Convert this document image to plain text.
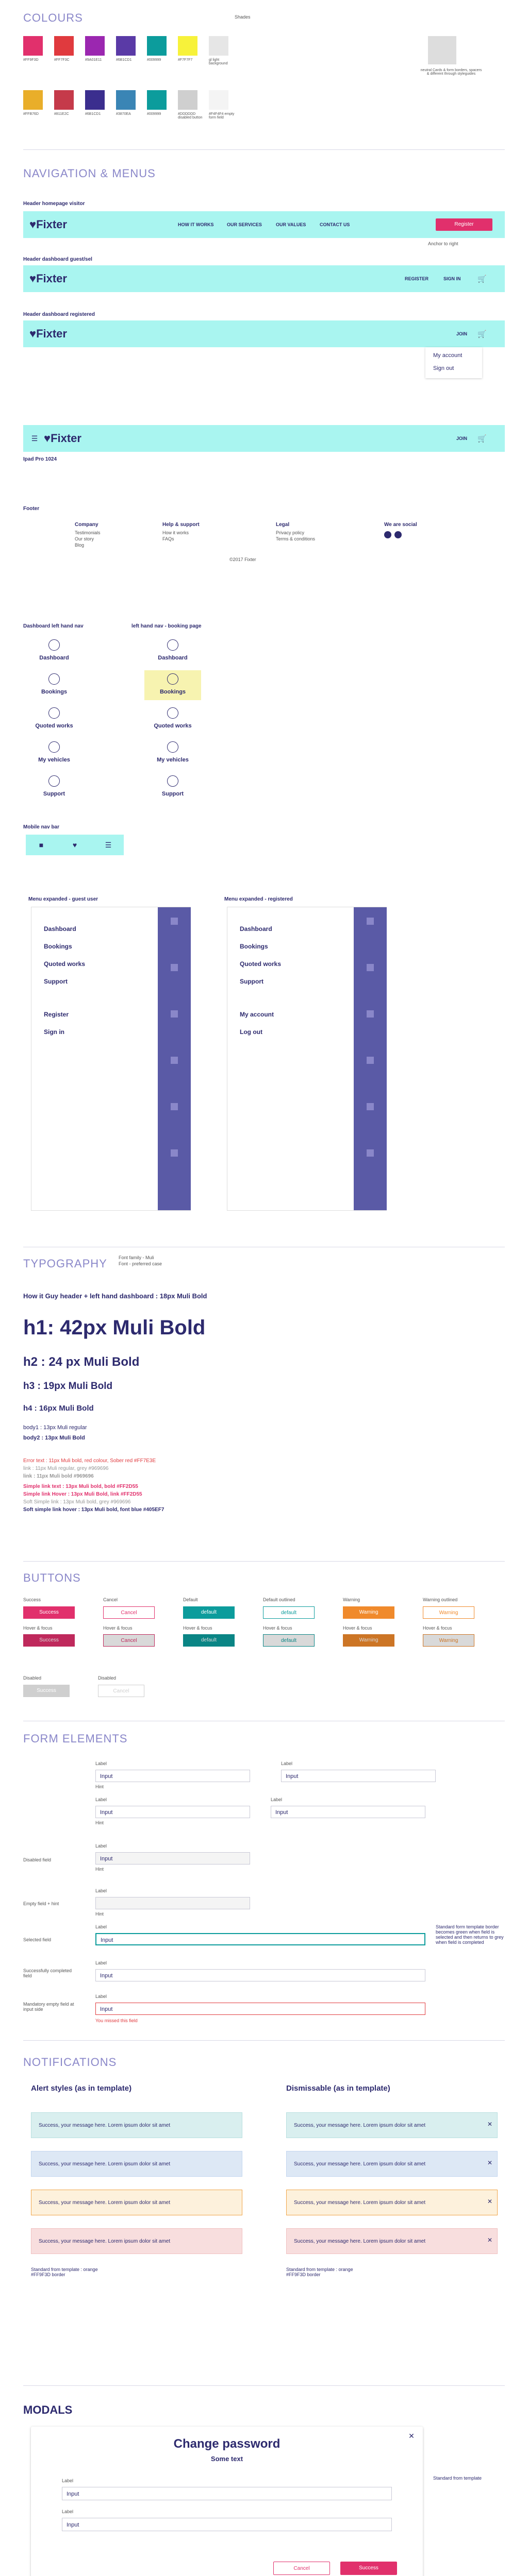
COLOURS	Shades
#FF9F3D	#FF7F3C	#9A01E11	#6B1CD1	#009999	#F7F7F7	gl light background
#FFB76D	#811E2C	#6B1CD1	#3870EA	#009999	#DDDDDD disabled button
#F4F4F4 empty form field
neutral Cards & form borders, spacers & different through styleguides
NAVIGATION & MENUS
Header homepage visitor
♥Fixter	HOW IT WORKS	OUR SERVICES	OUR VALUES	CONTACT US	Register
Anchor to right
Header dashboard guest/sel
♥Fixter	REGISTER	SIGN IN 🛒
Header dashboard registered
♥Fixter	JOIN 🛒
My account
Sign out
☰ ♥Fixter	JOIN 🛒
Ipad Pro 1024
Footer
Company
Testimonials
Our story
Blog
Help & support
How it works
FAQs
Legal
Privacy policy
Terms & conditions
We are social
©2017 Fixter
Dashboard left hand nav	left hand nav - booking page
Dashboard
Bookings
Quoted works
My vehicles
Support
Dashboard
Bookings
Quoted works
My vehicles
Support
Mobile nav bar
■	♥	☰
Menu expanded - guest user	Menu expanded - registered
Dashboard
Bookings
Quoted works
Support
Register
Sign in
Dashboard
Bookings
Quoted works
Support
My account
Log out
TYPOGRAPHY Font family - Muli
Font - preferred case
How it Guy header + left hand dashboard : 18px Muli Bold
h1: 42px Muli Bold
h2 : 24 px Muli Bold
h3 : 19px Muli Bold
h4 : 16px Muli Bold
body1 : 13px Muli regular
body2 : 13px Muli Bold
Error text : 11px Muli bold, red colour, Sober red #FF7E3E
link : 11px Muli regular, grey #969696
link : 11px Muli bold #969696
Simple link text : 13px Muli bold, bold #FF2D55
Simple link Hover : 13px Muli Bold, link #FF2D55
Soft Simple link : 13px Muli bold, grey #969696
Soft simple link hover : 13px Muli bold, font blue #405EF7
BUTTONS
Success
Success
Hover & focus
Success
Cancel
Cancel
Hover & focus
Cancel
Default
default
Hover & focus
default
Default outlined
default
Hover & focus
default
Warning
Warning
Hover & focus
Warning
Warning outlined
Warning
Hover & focus
Warning
Disabled
Success
Disabled
Cancel
FORM ELEMENTS
Label
Input
Hint
Label
Input
Label
Input
Hint
Label
Input
Disabled field
Label
Input
Hint
Empty field + hint
Label
Hint
Selected field
Label
Input
Standard form template border becomes green when field is selected and then returns to grey when field is completed
Successfully completed field
Label
Input
Mandatory empty field at input side
Label
Input
You missed this field
NOTIFICATIONS
Alert styles (as in template)	Dismissable (as in template)
Success, your message here. Lorem ipsum dolor sit amet	Success, your message here. Lorem ipsum dolor sit amet	✕
Success, your message here. Lorem ipsum dolor sit amet	Success, your message here. Lorem ipsum dolor sit amet	✕
Success, your message here. Lorem ipsum dolor sit amet	Success, your message here. Lorem ipsum dolor sit amet	✕
Success, your message here. Lorem ipsum dolor sit amet	Success, your message here. Lorem ipsum dolor sit amet	✕
Standard from template : orange #FF9F3D border
Standard from template : orange #FF9F3D border
MODALS
Change password
Some text
✕
Label
Input
Label
Input
Cancel	Success
Standard from template
